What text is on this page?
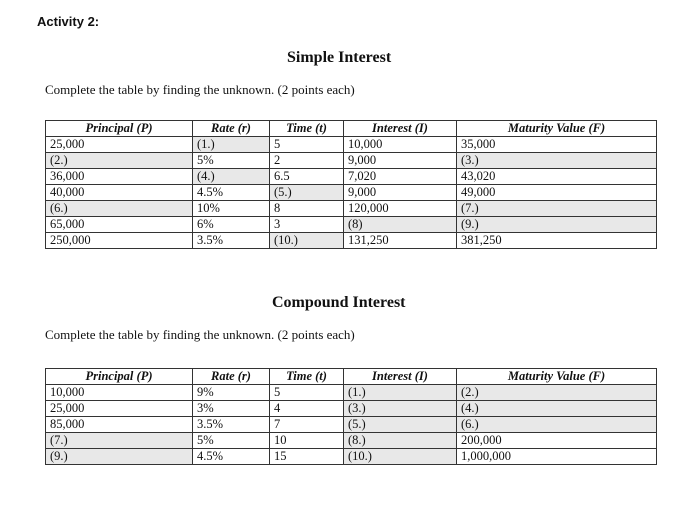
Activity 2:
Simple Interest
Complete the table by finding the unknown. (2 points each)
Principal (P)	Rate (r)	Time (t)	Interest (I)	Maturity Value (F)
25,000	(1.)	5	10,000	35,000
(2.)	5%	2	9,000	(3.)
36,000	(4.)	6.5	7,020	43,020
40,000	4.5%	(5.)	9,000	49,000
(6.)	10%	8	120,000	(7.)
65,000	6%	3	(8)	(9.)
250,000	3.5%	(10.)	131,250	381,250
Compound Interest
Complete the table by finding the unknown. (2 points each)
Principal (P)	Rate (r)	Time (t)	Interest (I)	Maturity Value (F)
10,000	9%	5	(1.)	(2.)
25,000	3%	4	(3.)	(4.)
85,000	3.5%	7	(5.)	(6.)
(7.)	5%	10	(8.)	200,000
(9.)	4.5%	15	(10.)	1,000,000
